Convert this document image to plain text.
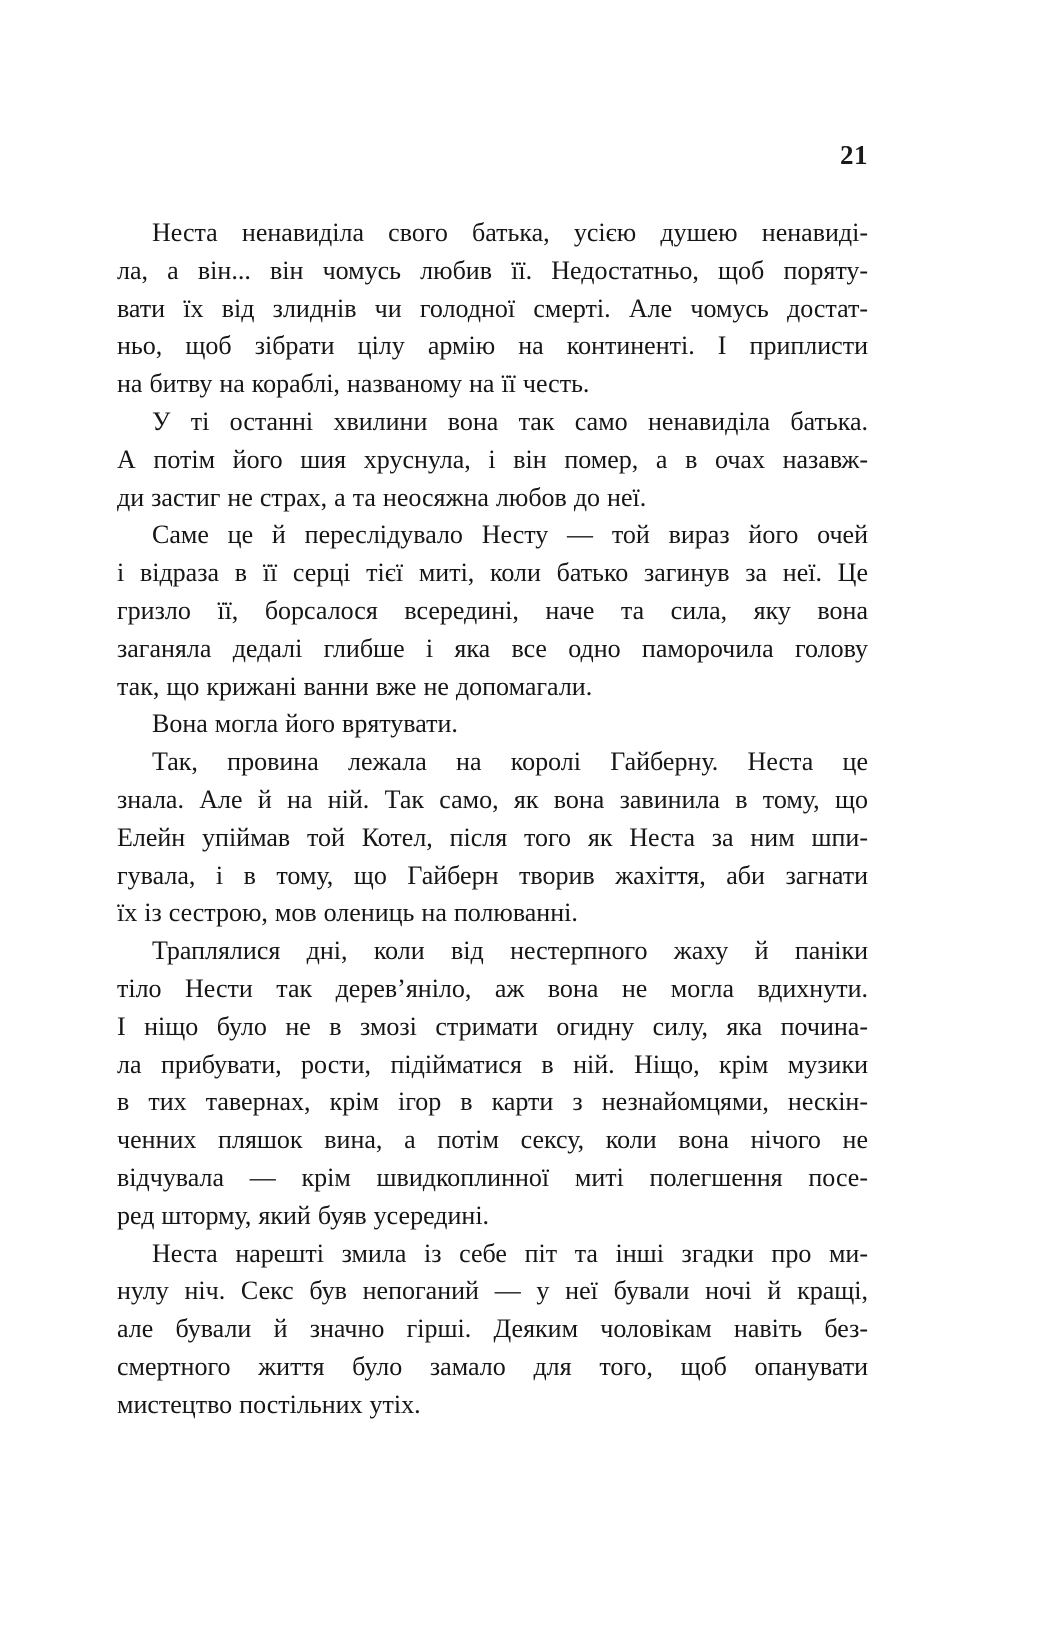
21
Неста ненавиділа свого батька, усією душею ненавиді-
ла, а він... він чомусь любив її. Недостатньо, щоб поряту-
вати їх від злиднів чи голодної смерті. Але чомусь достат-
ньо, щоб зібрати цілу армію на континенті. І приплисти
на битву на кораблі, названому на її честь.
У ті останні хвилини вона так само ненавиділа батька.
А потім його шия хруснула, і він помер, а в очах назавж-
ди застиг не страх, а та неосяжна любов до неї.
Саме це й переслідувало Несту — той вираз його очей
і відраза в її серці тієї миті, коли батько загинув за неї. Це
гризло її, борсалося всередині, наче та сила, яку вона
заганяла дедалі глибше і яка все одно паморочила голову
так, що крижані ванни вже не допомагали.
Вона могла його врятувати.
Так, провина лежала на королі Гайберну. Неста це
знала. Але й на ній. Так само, як вона завинила в тому, що
Елейн упіймав той Котел, після того як Неста за ним шпи-
гувала, і в тому, що Гайберн творив жахіття, аби загнати
їх із сестрою, мов олениць на полюванні.
Траплялися дні, коли від нестерпного жаху й паніки
тіло Нести так дерев’яніло, аж вона не могла вдихнути.
І ніщо було не в змозі стримати огидну силу, яка почина-
ла прибувати, рости, підійматися в ній. Ніщо, крім музики
в тих тавернах, крім ігор в карти з незнайомцями, нескін-
ченних пляшок вина, а потім сексу, коли вона нічого не
відчувала — крім швидкоплинної миті полегшення посе-
ред шторму, який буяв усередині.
Неста нарешті змила із себе піт та інші згадки про ми-
нулу ніч. Секс був непоганий — у неї бували ночі й кращі,
але бували й значно гірші. Деяким чоловікам навіть без-
смертного життя було замало для того, щоб опанувати
мистецтво постільних утіх.
